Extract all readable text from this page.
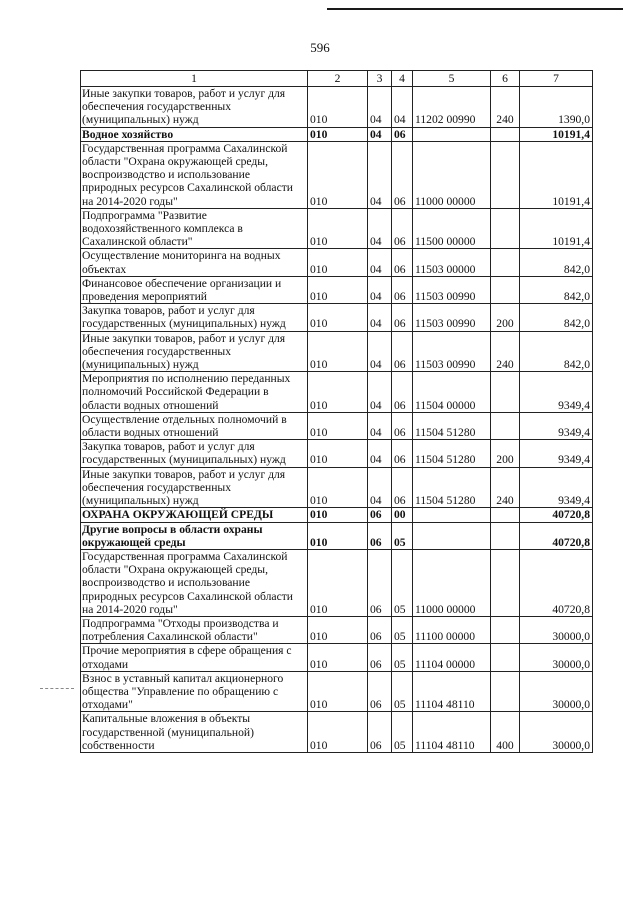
596
1	2	3	4	5	6	7
Иные закупки товаров, работ и услуг для обеспечения государственных (муниципальных) нужд	010	04	04	11202 00990	240	1390,0
Водное хозяйство	010	04	06			10191,4
Государственная программа Сахалинской области "Охрана окружающей среды, воспроизводство и использование природных ресурсов Сахалинской области на 2014-2020 годы"	010	04	06	11000 00000		10191,4
Подпрограмма "Развитие водохозяйственного комплекса в Сахалинской области"	010	04	06	11500 00000		10191,4
Осуществление мониторинга на водных объектах	010	04	06	11503 00000		842,0
Финансовое обеспечение организации и проведения мероприятий	010	04	06	11503 00990		842,0
Закупка товаров, работ и услуг для государственных (муниципальных) нужд	010	04	06	11503 00990	200	842,0
Иные закупки товаров, работ и услуг для обеспечения государственных (муниципальных) нужд	010	04	06	11503 00990	240	842,0
Мероприятия по исполнению переданных полномочий Российской Федерации в области водных отношений	010	04	06	11504 00000		9349,4
Осуществление отдельных полномочий в области водных отношений	010	04	06	11504 51280		9349,4
Закупка товаров, работ и услуг для государственных (муниципальных) нужд	010	04	06	11504 51280	200	9349,4
Иные закупки товаров, работ и услуг для обеспечения государственных (муниципальных) нужд	010	04	06	11504 51280	240	9349,4
ОХРАНА ОКРУЖАЮЩЕЙ СРЕДЫ	010	06	00			40720,8
Другие вопросы в области охраны окружающей среды	010	06	05			40720,8
Государственная программа Сахалинской области "Охрана окружающей среды, воспроизводство и использование природных ресурсов Сахалинской области на 2014-2020 годы"	010	06	05	11000 00000		40720,8
Подпрограмма "Отходы производства и потребления Сахалинской области"	010	06	05	11100 00000		30000,0
Прочие мероприятия в сфере обращения с отходами	010	06	05	11104 00000		30000,0
Взнос в уставный капитал акционерного общества "Управление по обращению с отходами"	010	06	05	11104 48110		30000,0
Капитальные вложения в объекты государственной (муниципальной) собственности	010	06	05	11104 48110	400	30000,0
